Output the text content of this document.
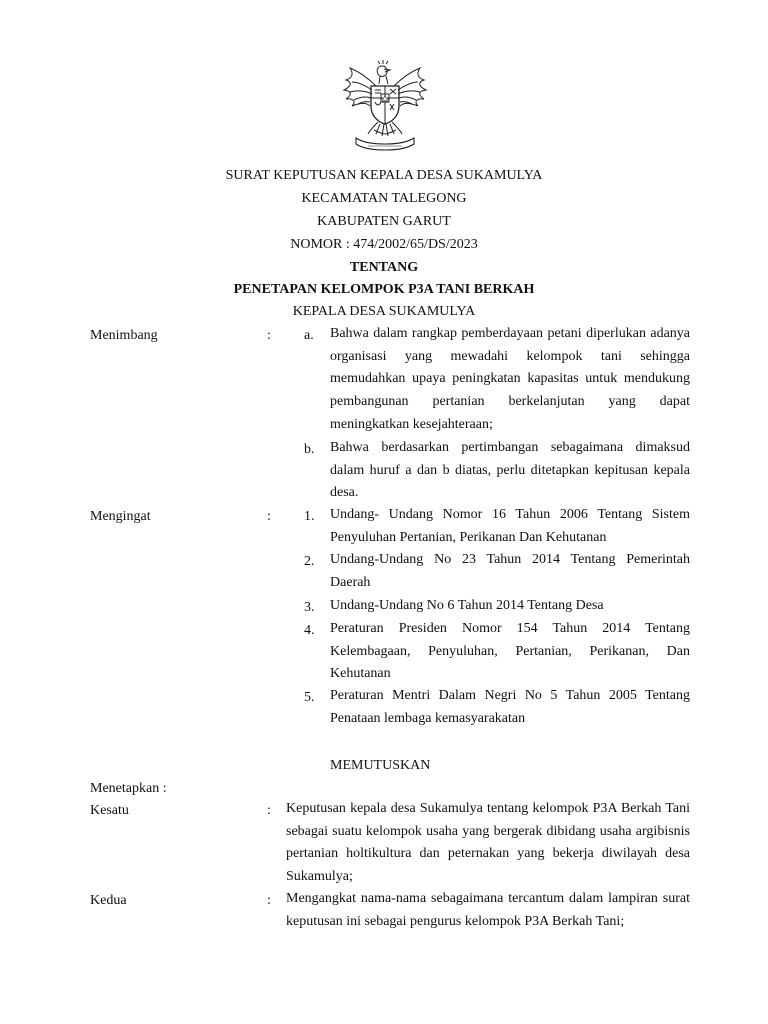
SURAT KEPUTUSAN KEPALA DESA SUKAMULYA
KECAMATAN TALEGONG
KABUPATEN GARUT
NOMOR : 474/2002/65/DS/2023
TENTANG
PENETAPAN KELOMPOK P3A TANI BERKAH
KEPALA DESA SUKAMULYA
Menimbang	: a. Bahwa dalam rangkap pemberdayaan petani diperlukan adanya organisasi yang mewadahi kelompok tani sehingga memudahkan upaya peningkatan kapasitas untuk mendukung pembangunan pertanian berkelanjutan yang dapat meningkatkan kesejahteraan;
b. Bahwa berdasarkan pertimbangan sebagaimana dimaksud dalam huruf a dan b diatas, perlu ditetapkan kepitusan kepala desa.
Mengingat	: 1. Undang- Undang Nomor 16 Tahun 2006 Tentang Sistem Penyuluhan Pertanian, Perikanan Dan Kehutanan
2. Undang-Undang No 23 Tahun 2014 Tentang Pemerintah Daerah
3. Undang-Undang No 6 Tahun 2014 Tentang Desa
4. Peraturan Presiden Nomor 154 Tahun 2014 Tentang Kelembagaan, Penyuluhan, Pertanian, Perikanan, Dan Kehutanan
5. Peraturan Mentri Dalam Negri No 5 Tahun 2005 Tentang Penataan lembaga kemasyarakatan
MEMUTUSKAN
Menetapkan :
Kesatu	: Keputusan kepala desa Sukamulya tentang kelompok P3A Berkah Tani sebagai suatu kelompok usaha yang bergerak dibidang usaha argibisnis pertanian holtikultura dan peternakan yang bekerja diwilayah desa Sukamulya;
Kedua	: Mengangkat nama-nama sebagaimana tercantum dalam lampiran surat keputusan ini sebagai pengurus kelompok P3A Berkah Tani;
